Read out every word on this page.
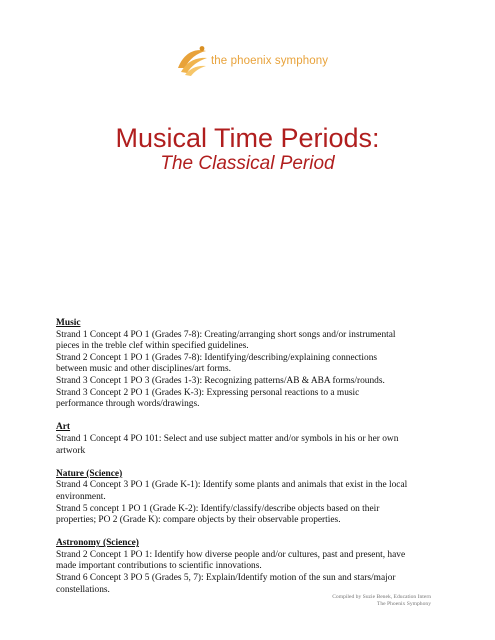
the phoenix symphony
Musical Time Periods:
The Classical Period
Music
Strand 1 Concept 4 PO 1 (Grades 7-8): Creating/arranging short songs and/or instrumental
pieces in the treble clef within specified guidelines.
Strand 2 Concept 1 PO 1 (Grades 7-8): Identifying/describing/explaining connections
between music and other disciplines/art forms.
Strand 3 Concept 1 PO 3 (Grades 1-3): Recognizing patterns/AB & ABA forms/rounds.
Strand 3 Concept 2 PO 1 (Grades K-3): Expressing personal reactions to a music
performance through words/drawings.
Art
Strand 1 Concept 4 PO 101: Select and use subject matter and/or symbols in his or her own
artwork
Nature (Science)
Strand 4 Concept 3 PO 1 (Grade K-1): Identify some plants and animals that exist in the local
environment.
Strand 5 concept 1 PO 1 (Grade K-2): Identify/classify/describe objects based on their
properties; PO 2 (Grade K): compare objects by their observable properties.
Astronomy (Science)
Strand 2 Concept 1 PO 1: Identify how diverse people and/or cultures, past and present, have
made important contributions to scientific innovations.
Strand 6 Concept 3 PO 5 (Grades 5, 7): Explain/Identify motion of the sun and stars/major
constellations.
Compiled by Suzie Benek, Education Intern
The Phoenix Symphony
